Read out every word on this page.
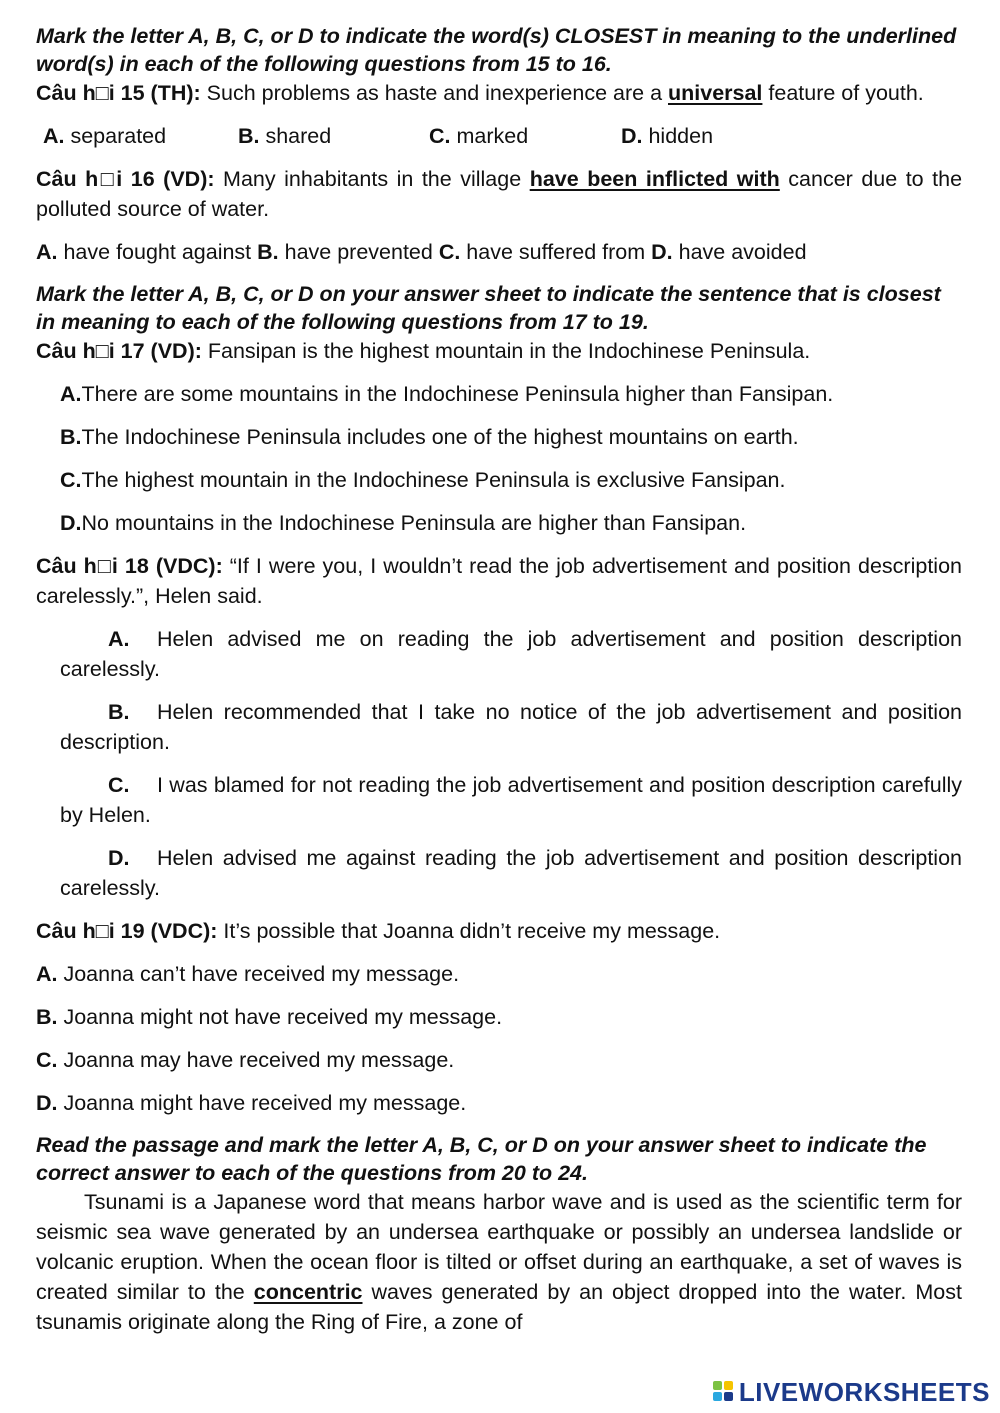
Mark the letter A, B, C, or D to indicate the word(s) CLOSEST in meaning to the underlined word(s) in each of the following questions from 15 to 16.

Câu h□i 15 (TH): Such problems as haste and inexperience are a universal feature of youth.

A. separated	B. shared	C. marked	D. hidden

Câu h□i 16 (VD): Many inhabitants in the village have been inflicted with cancer due to the polluted source of water.

A. have fought against
B. have prevented
C. have suffered from
D. have avoided
Mark the letter A, B, C, or D on your answer sheet to indicate the sentence that is closest in meaning to each of the following questions from 17 to 19.

Câu h□i 17 (VD): Fansipan is the highest mountain in the Indochinese Peninsula.

A.There are some mountains in the Indochinese Peninsula higher than Fansipan.
B.The Indochinese Peninsula includes one of the highest mountains on earth.
C.The highest mountain in the Indochinese Peninsula is exclusive Fansipan.
D.No mountains in the Indochinese Peninsula are higher than Fansipan.

Câu h□i 18 (VDC): “If I were you, I wouldn’t read the job advertisement and position description carelessly.”, Helen said.

A. Helen advised me on reading the job advertisement and position description carelessly.

B. Helen recommended that I take no notice of the job advertisement and position description.

C. I was blamed for not reading the job advertisement and position description carefully by Helen.

D. Helen advised me against reading the job advertisement and position description carelessly.

Câu h□i 19 (VDC): It’s possible that Joanna didn’t receive my message.

A. Joanna can’t have received my message.
B. Joanna might not have received my message.
C. Joanna may have received my message.
D. Joanna might have received my message.
Read the passage and mark the letter A, B, C, or D on your answer sheet to indicate the correct answer to each of the questions from 20 to 24.

Tsunami is a Japanese word that means harbor wave and is used as the scientific term for seismic sea wave generated by an undersea earthquake or possibly an undersea landslide or volcanic eruption. When the ocean floor is tilted or offset during an earthquake, a set of waves is created similar to the concentric waves generated by an object dropped into the water. Most tsunamis originate along the Ring of Fire, a zone of

LIVEWORKSHEETS
